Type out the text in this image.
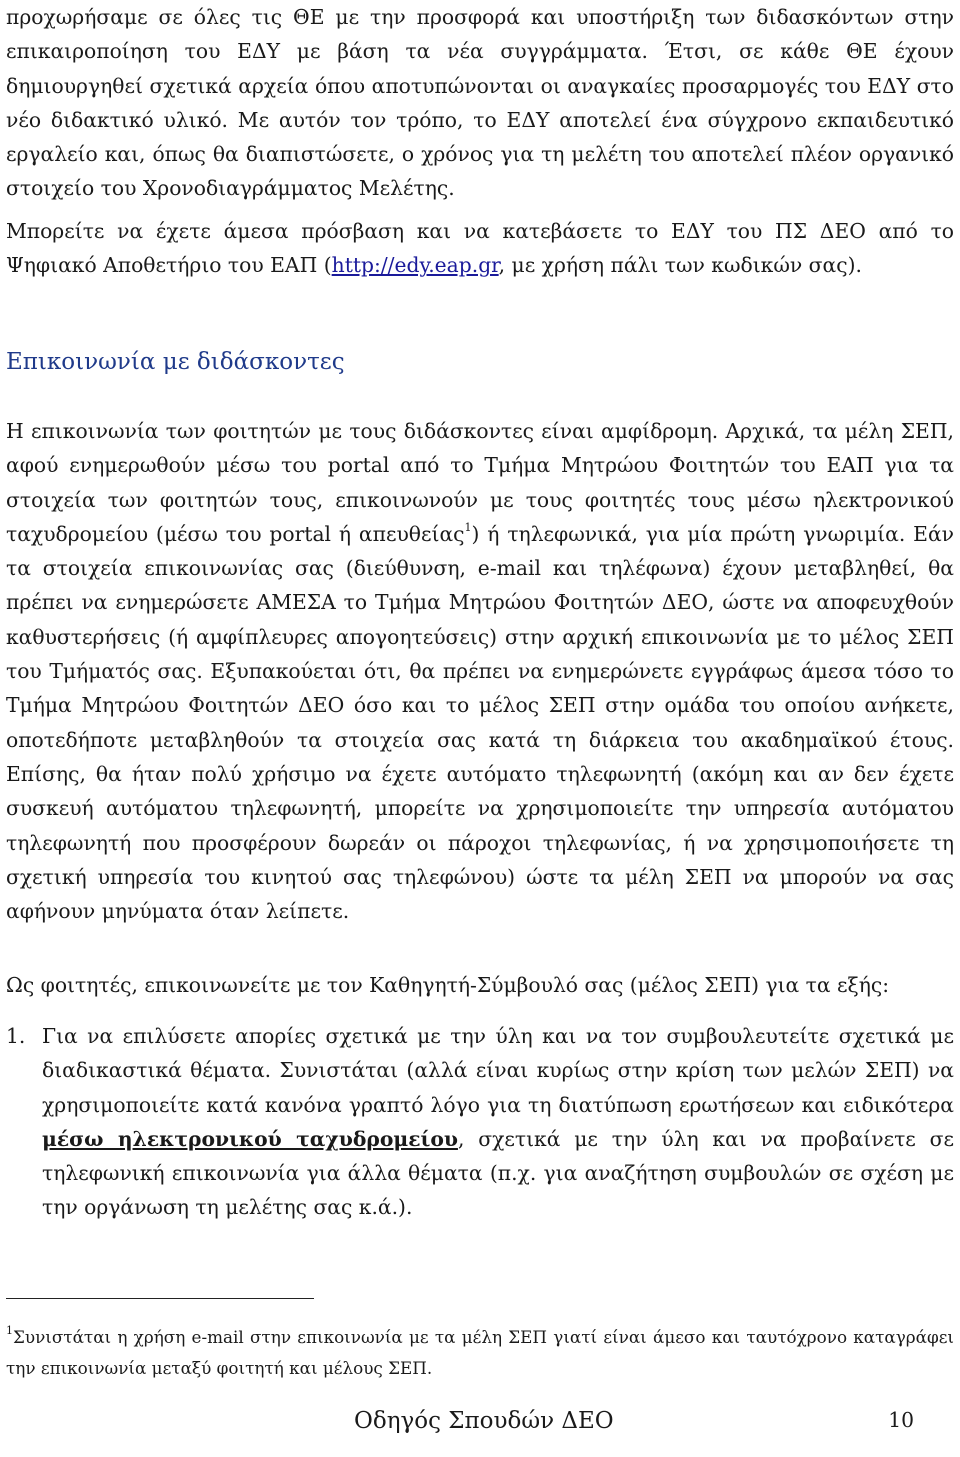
προχωρήσαμε σε όλες τις ΘΕ με την προσφορά και υποστήριξη των διδασκόντων στην επικαιροποίηση του ΕΔΥ με βάση τα νέα συγγράμματα. Έτσι, σε κάθε ΘΕ έχουν δημιουργηθεί σχετικά αρχεία όπου αποτυπώνονται οι αναγκαίες προσαρμογές του ΕΔΥ στο νέο διδακτικό υλικό. Με αυτόν τον τρόπο, το ΕΔΥ αποτελεί ένα σύγχρονο εκπαιδευτικό εργαλείο και, όπως θα διαπιστώσετε, ο χρόνος για τη μελέτη του αποτελεί πλέον οργανικό στοιχείο του Χρονοδιαγράμματος Μελέτης.

Μπορείτε να έχετε άμεσα πρόσβαση και να κατεβάσετε το ΕΔΥ του ΠΣ ΔΕΟ από το Ψηφιακό Αποθετήριο του ΕΑΠ (http://edy.eap.gr, με χρήση πάλι των κωδικών σας).

Επικοινωνία με διδάσκοντες

Η επικοινωνία των φοιτητών με τους διδάσκοντες είναι αμφίδρομη. Αρχικά, τα μέλη ΣΕΠ, αφού ενημερωθούν μέσω του portal από το Τμήμα Μητρώου Φοιτητών του ΕΑΠ για τα στοιχεία των φοιτητών τους, επικοινωνούν με τους φοιτητές τους μέσω ηλεκτρονικού ταχυδρομείου (μέσω του portal ή απευθείας$^1$) ή τηλεφωνικά, για μία πρώτη γνωριμία. Εάν τα στοιχεία επικοινωνίας σας (διεύθυνση, e-mail και τηλέφωνα) έχουν μεταβληθεί, θα πρέπει να ενημερώσετε ΑΜΕΣΑ το Τμήμα Μητρώου Φοιτητών ΔΕΟ, ώστε να αποφευχθούν καθυστερήσεις (ή αμφίπλευρες απογοητεύσεις) στην αρχική επικοινωνία με το μέλος ΣΕΠ του Τμήματός σας. Εξυπακούεται ότι, θα πρέπει να ενημερώνετε εγγράφως άμεσα τόσο το Τμήμα Μητρώου Φοιτητών ΔΕΟ όσο και το μέλος ΣΕΠ στην ομάδα του οποίου ανήκετε, οποτεδήποτε μεταβληθούν τα στοιχεία σας κατά τη διάρκεια του ακαδημαϊκού έτους. Επίσης, θα ήταν πολύ χρήσιμο να έχετε αυτόματο τηλεφωνητή (ακόμη και αν δεν έχετε συσκευή αυτόματου τηλεφωνητή, μπορείτε να χρησιμοποιείτε την υπηρεσία αυτόματου τηλεφωνητή που προσφέρουν δωρεάν οι πάροχοι τηλεφωνίας, ή να χρησιμοποιήσετε τη σχετική υπηρεσία του κινητού σας τηλεφώνου) ώστε τα μέλη ΣΕΠ να μπορούν να σας αφήνουν μηνύματα όταν λείπετε.

Ως φοιτητές, επικοινωνείτε με τον Καθηγητή-Σύμβουλό σας (μέλος ΣΕΠ) για τα εξής:

1. Για να επιλύσετε απορίες σχετικά με την ύλη και να τον συμβουλευτείτε σχετικά με διαδικαστικά θέματα. Συνιστάται (αλλά είναι κυρίως στην κρίση των μελών ΣΕΠ) να χρησιμοποιείτε κατά κανόνα γραπτό λόγο για τη διατύπωση ερωτήσεων και ειδικότερα μέσω ηλεκτρονικού ταχυδρομείου, σχετικά με την ύλη και να προβαίνετε σε τηλεφωνική επικοινωνία για άλλα θέματα (π.χ. για αναζήτηση συμβουλών σε σχέση με την οργάνωση τη μελέτης σας κ.ά.).

$^1$Συνιστάται η χρήση e-mail στην επικοινωνία με τα μέλη ΣΕΠ γιατί είναι άμεσο και ταυτόχρονο καταγράφει την επικοινωνία μεταξύ φοιτητή και μέλους ΣΕΠ.

Οδηγός Σπουδών ΔΕΟ	10
